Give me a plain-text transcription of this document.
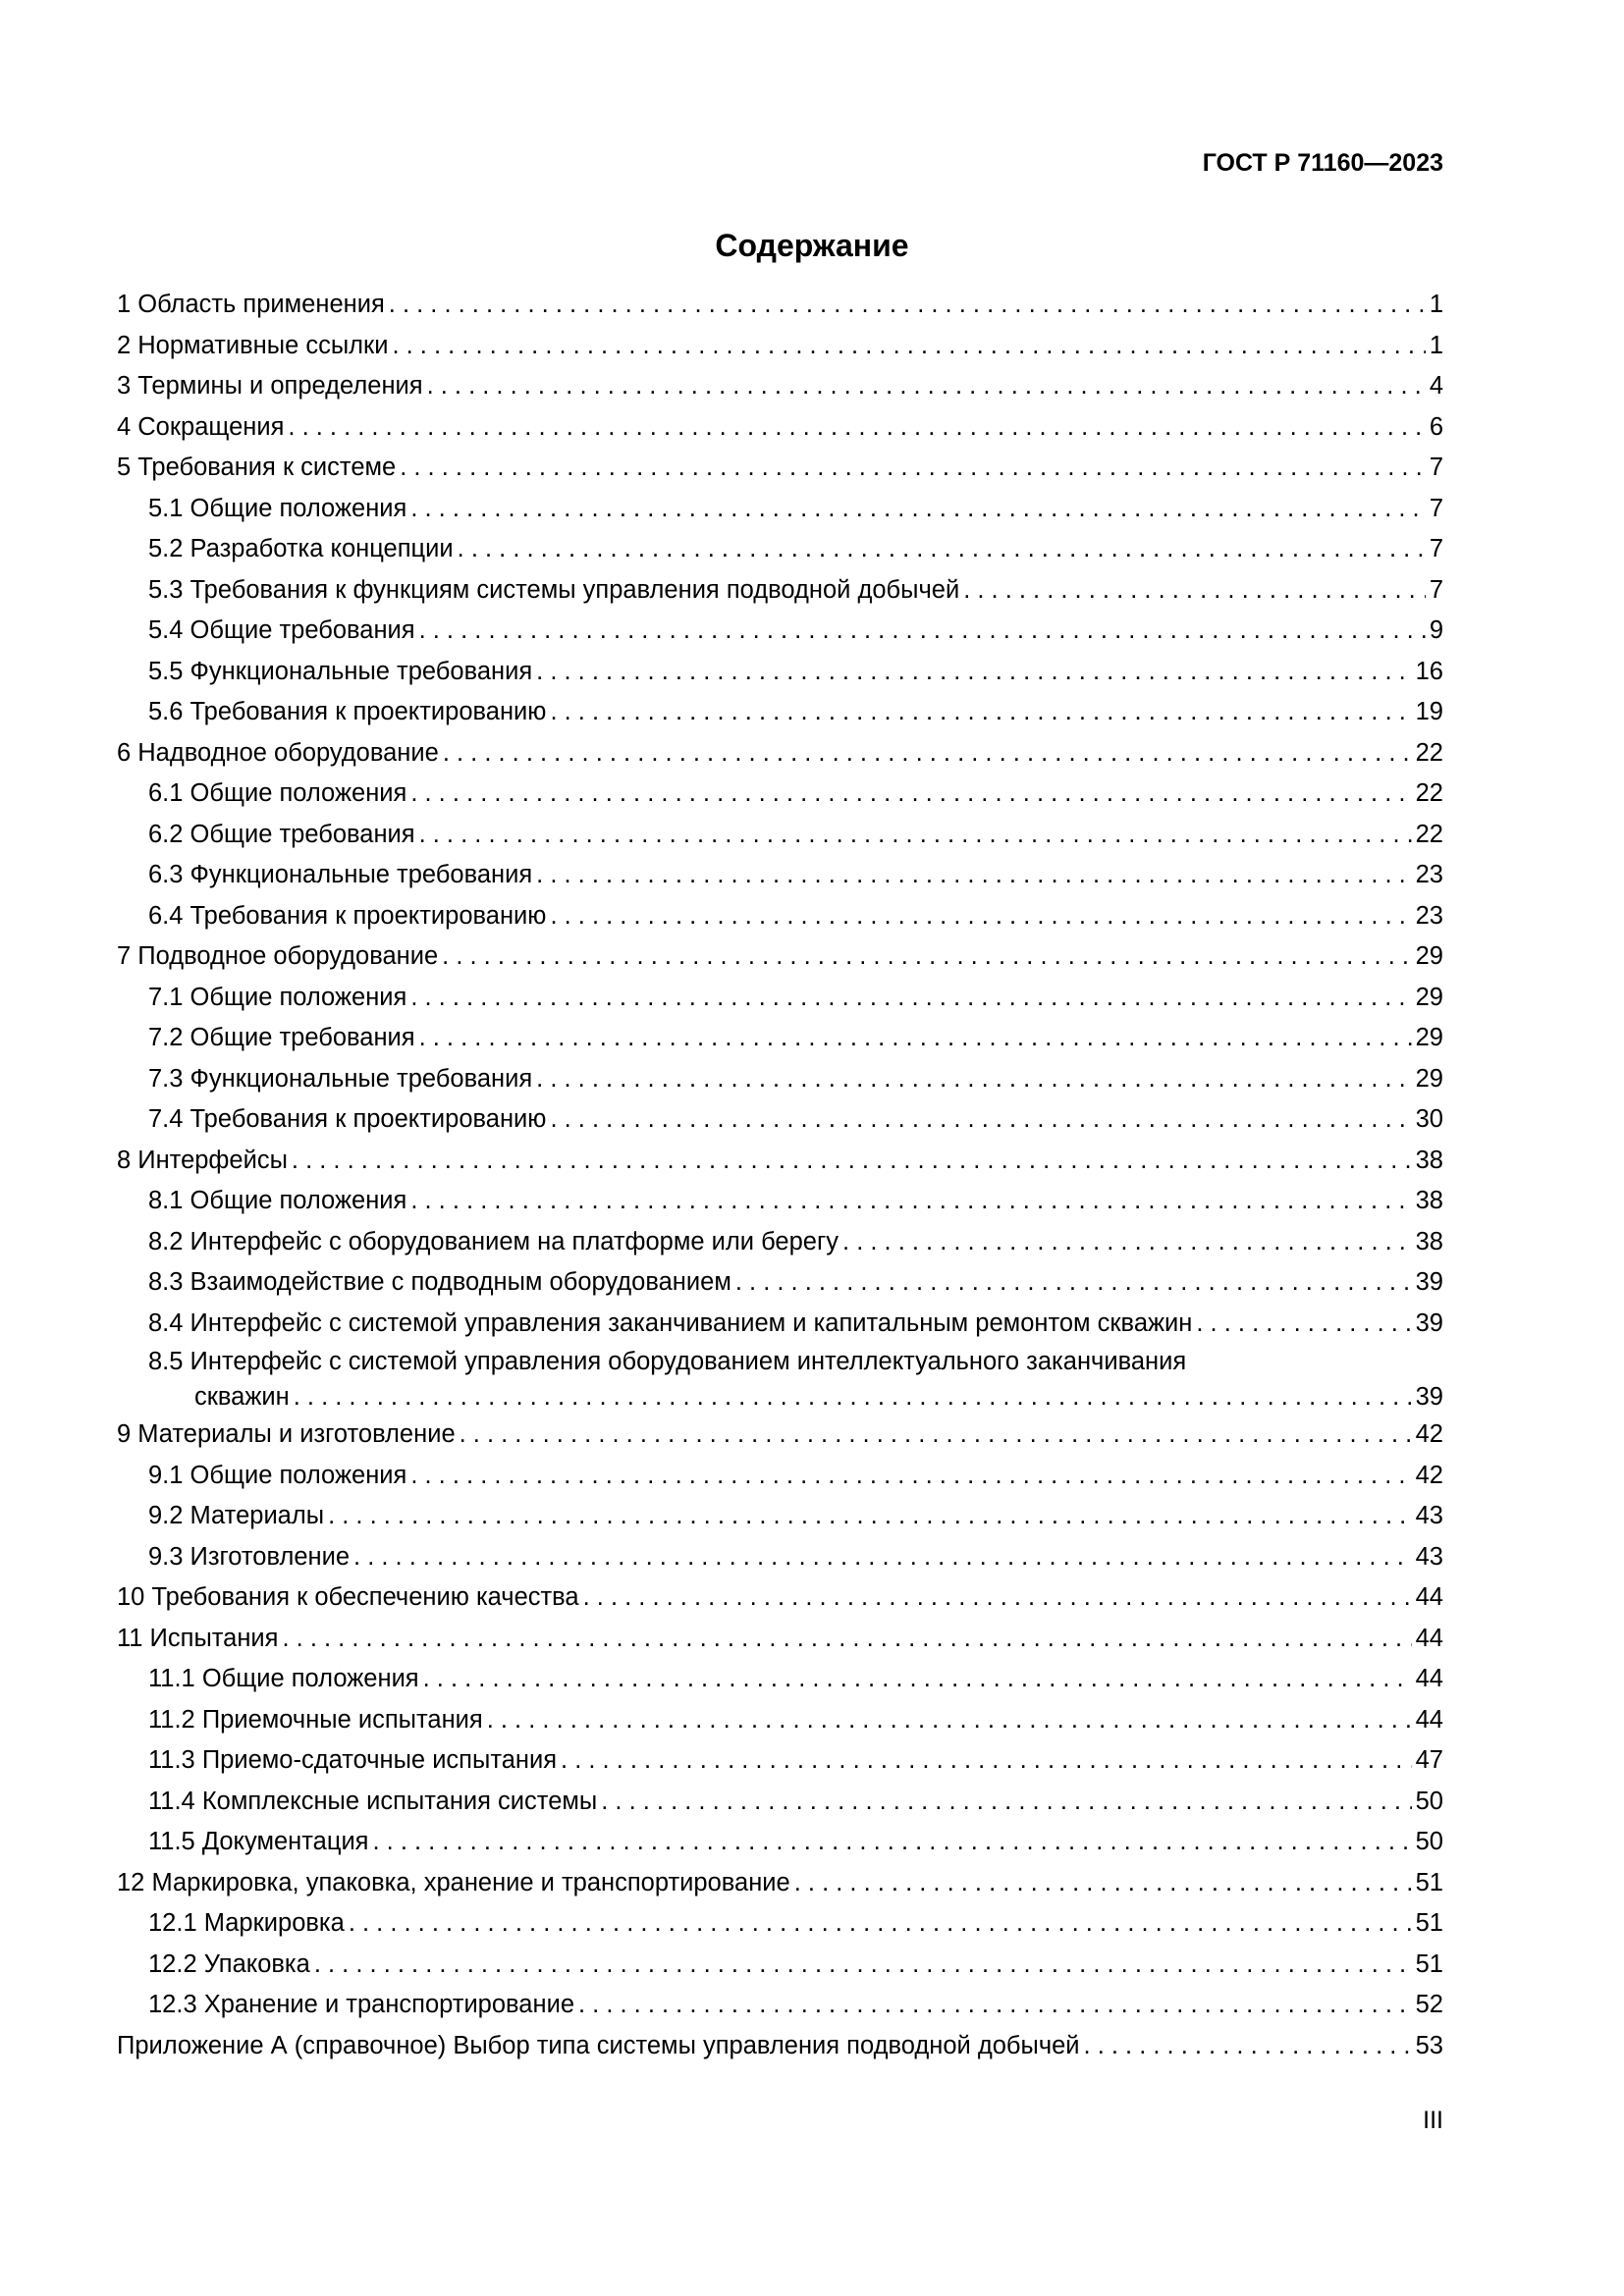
ГОСТ Р 71160—2023
Содержание
1 Область применения . . .	1
2 Нормативные ссылки . . .	1
3 Термины и определения . . .	4
4 Сокращения . . .	6
5 Требования к системе . . .	7
5.1 Общие положения . . .	7
5.2 Разработка концепции . . .	7
5.3 Требования к функциям системы управления подводной добычей . . .	7
5.4 Общие требования . . .	9
5.5 Функциональные требования . . .	16
5.6 Требования к проектированию . . .	19
6 Надводное оборудование . . .	22
6.1 Общие положения . . .	22
6.2 Общие требования . . .	22
6.3 Функциональные требования . . .	23
6.4 Требования к проектированию . . .	23
7 Подводное оборудование . . .	29
7.1 Общие положения . . .	29
7.2 Общие требования . . .	29
7.3 Функциональные требования . . .	29
7.4 Требования к проектированию . . .	30
8 Интерфейсы . . .	38
8.1 Общие положения . . .	38
8.2 Интерфейс с оборудованием на платформе или берегу . . .	38
8.3 Взаимодействие с подводным оборудованием . . .	39
8.4 Интерфейс с системой управления заканчиванием и капитальным ремонтом скважин . . .	39
8.5 Интерфейс с системой управления оборудованием интеллектуального заканчивания
скважин . . .	39
9 Материалы и изготовление . . .	42
9.1 Общие положения . . .	42
9.2 Материалы . . .	43
9.3 Изготовление . . .	43
10 Требования к обеспечению качества . . .	44
11 Испытания . . .	44
11.1 Общие положения . . .	44
11.2 Приемочные испытания . . .	44
11.3 Приемо-сдаточные испытания . . .	47
11.4 Комплексные испытания системы . . .	50
11.5 Документация . . .	50
12 Маркировка, упаковка, хранение и транспортирование . . .	51
12.1 Маркировка . . .	51
12.2 Упаковка . . .	51
12.3 Хранение и транспортирование . . .	52
Приложение А (справочное) Выбор типа системы управления подводной добычей . . .	53
III
